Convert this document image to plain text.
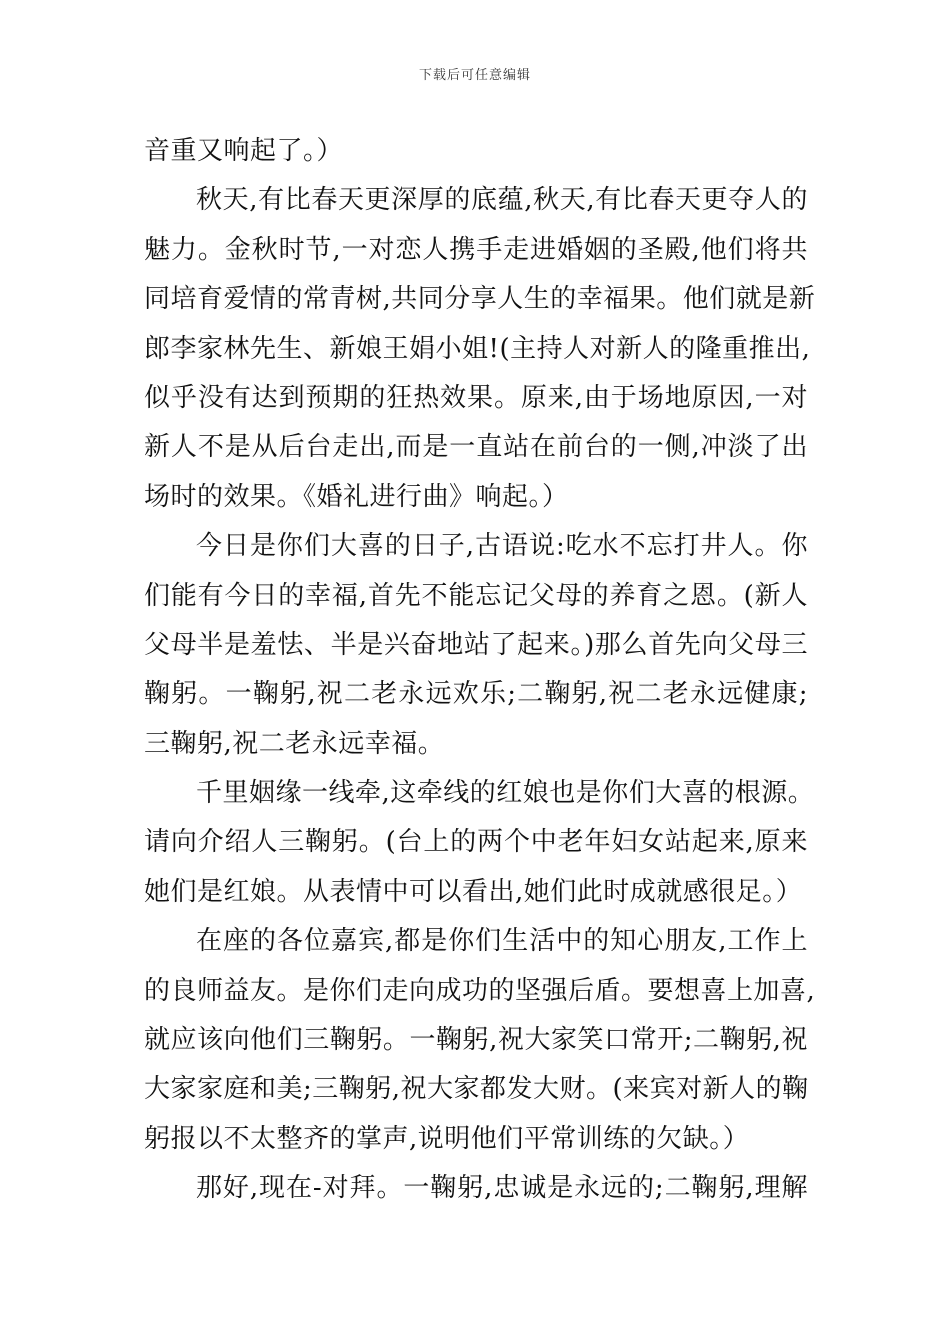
下载后可任意编辑
音重又响起了。）
秋天,有比春天更深厚的底蕴,秋天,有比春天更夺人的
魅力。金秋时节,一对恋人携手走进婚姻的圣殿,他们将共
同培育爱情的常青树,共同分享人生的幸福果。他们就是新
郎李家林先生、新娘王娟小姐!(主持人对新人的隆重推出,
似乎没有达到预期的狂热效果。原来,由于场地原因,一对
新人不是从后台走出,而是一直站在前台的一侧,冲淡了出
场时的效果。《婚礼进行曲》响起。）
今日是你们大喜的日子,古语说:吃水不忘打井人。你
们能有今日的幸福,首先不能忘记父母的养育之恩。(新人
父母半是羞怯、半是兴奋地站了起来。)那么首先向父母三
鞠躬。一鞠躬,祝二老永远欢乐;二鞠躬,祝二老永远健康;
三鞠躬,祝二老永远幸福。
千里姻缘一线牵,这牵线的红娘也是你们大喜的根源。
请向介绍人三鞠躬。(台上的两个中老年妇女站起来,原来
她们是红娘。从表情中可以看出,她们此时成就感很足。）
在座的各位嘉宾,都是你们生活中的知心朋友,工作上
的良师益友。是你们走向成功的坚强后盾。要想喜上加喜,
就应该向他们三鞠躬。一鞠躬,祝大家笑口常开;二鞠躬,祝
大家家庭和美;三鞠躬,祝大家都发大财。(来宾对新人的鞠
躬报以不太整齐的掌声,说明他们平常训练的欠缺。）
那好,现在-对拜。一鞠躬,忠诚是永远的;二鞠躬,理解
